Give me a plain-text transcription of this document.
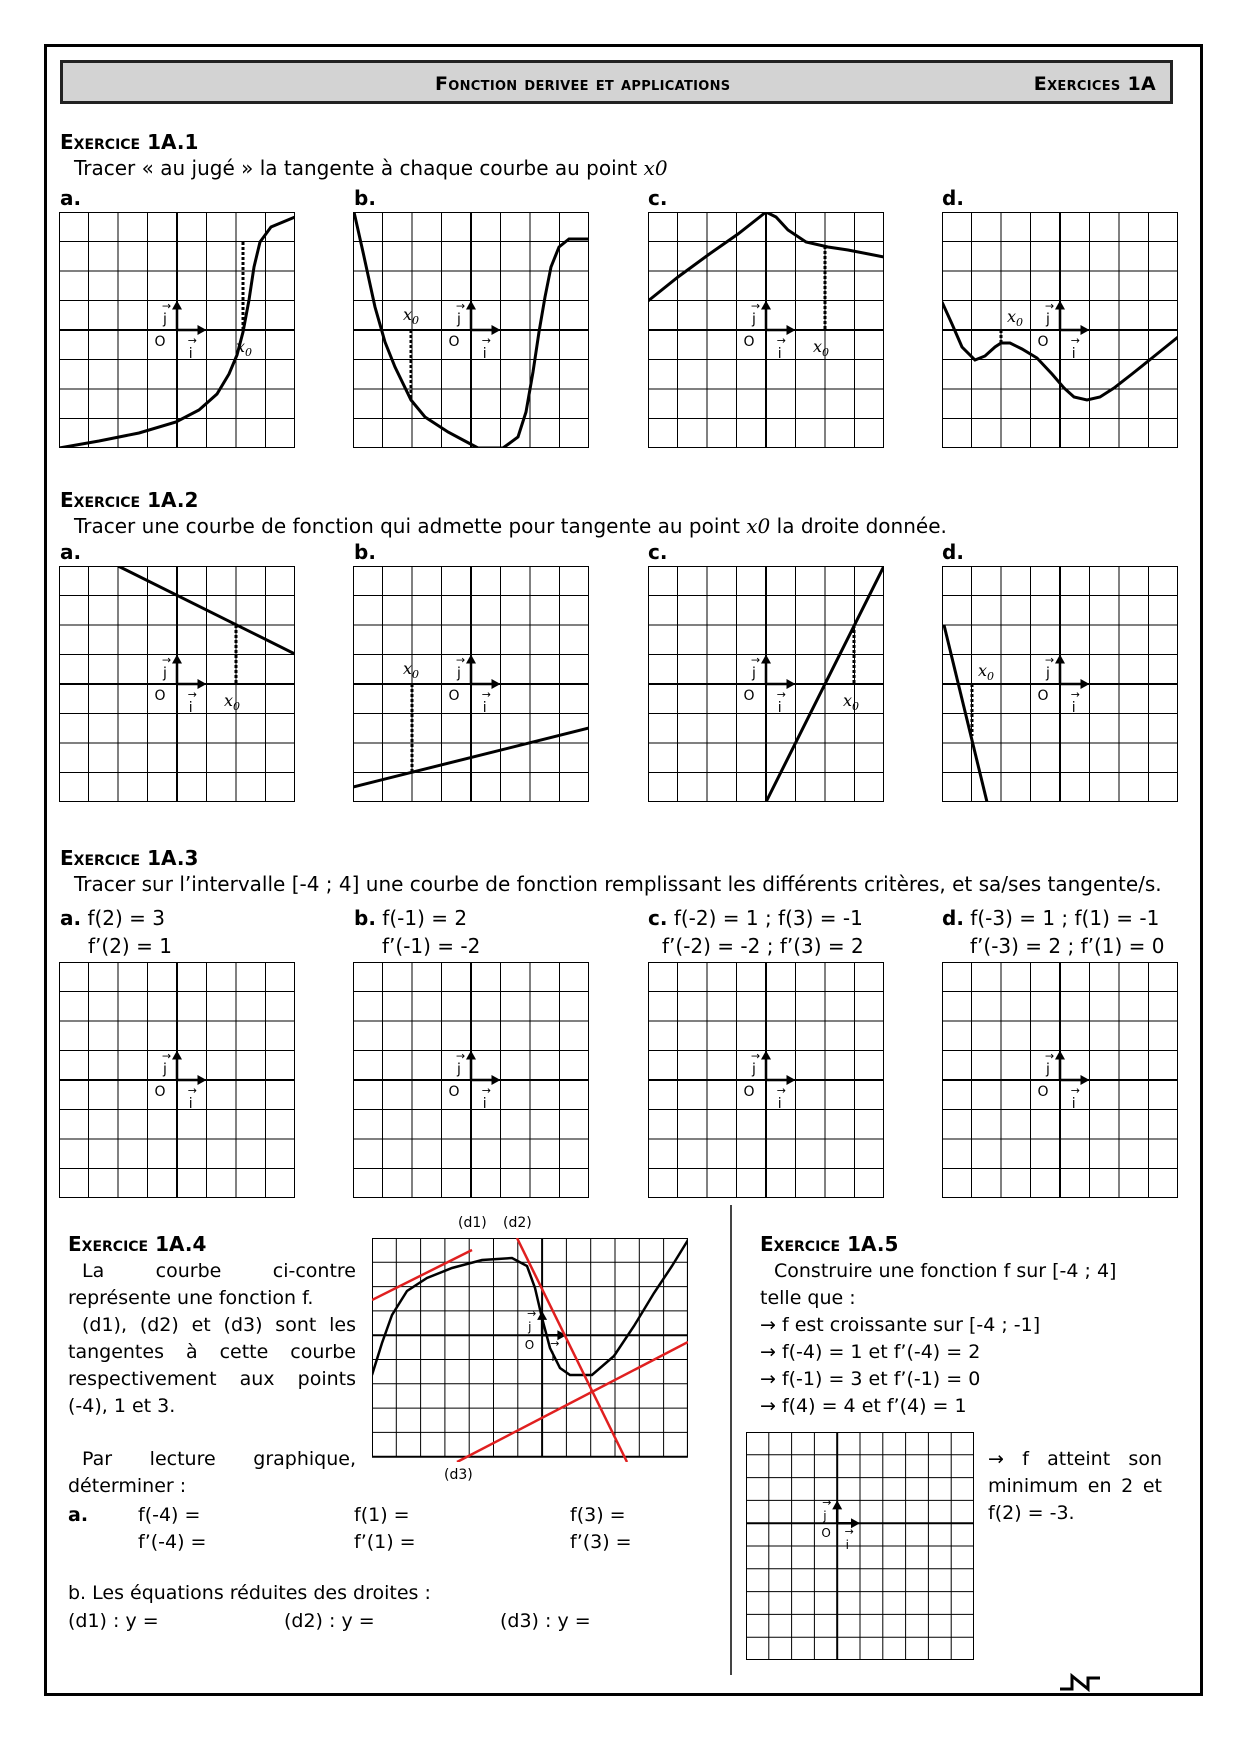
Fonction derivee et applications	Exercices 1A
Exercice 1A.1
Tracer « au jugé » la tangente à chaque courbe au point x0
a.	b.	c.	d.
O
j
→
i
→ $x_0$
O
j
→
i
→
$x_0$
O
j
→
i
→ $x_0$
O
j
→
i
→
$x_0$
Exercice 1A.2
Tracer une courbe de fonction qui admette pour tangente au point x0 la droite donnée.
a.	b.	c.	d.
O
j
→
i
→ $x_0$
O
j
→
i
→
$x_0$
O
j
→
i
→	$x_0$
O
j
→
i
→
$x_0$
Exercice 1A.3
Tracer sur l’intervalle [-4 ; 4] une courbe de fonction remplissant les différents critères, et sa/ses tangente/s.
a. f(2) = 3
f’(2) = 1
b. f(-1) = 2
f’(-1) = -2
c. f(-2) = 1 ; f(3) = -1
f’(-2) = -2 ; f’(3) = 2
d. f(-3) = 1 ; f(1) = -1
f’(-3) = 2 ; f’(1) = 0
O
j
→
i
→	O
j
→
i
→	O
j
→
i
→	O
j
→
i
→
Exercice 1A.4
La	courbe	ci-contre
représente une fonction f.
(d1), (d2) et (d3) sont les
tangentes à cette courbe
respectivement aux points
(-4), 1 et 3.
Par lecture graphique,
déterminer :
a.	f(-4) =	f(1) =	f(3) =
f’(-4) =	f’(1) =	f’(3) =
b. Les équations réduites des droites :
(d1) : y =	(d2) : y =	(d3) : y =
(d1) (d2)
(d3)
O
j
→
i
→
Exercice 1A.5
Construire une fonction f sur [-4 ; 4]
telle que :
→ f est croissante sur [-4 ; -1]
→ f(-4) = 1 et f’(-4) = 2
→ f(-1) = 3 et f’(-1) = 0
→ f(4) = 4 et f’(4) = 1
O
j
→
i
→
→ f atteint son
minimum en 2 et
f(2) = -3.
